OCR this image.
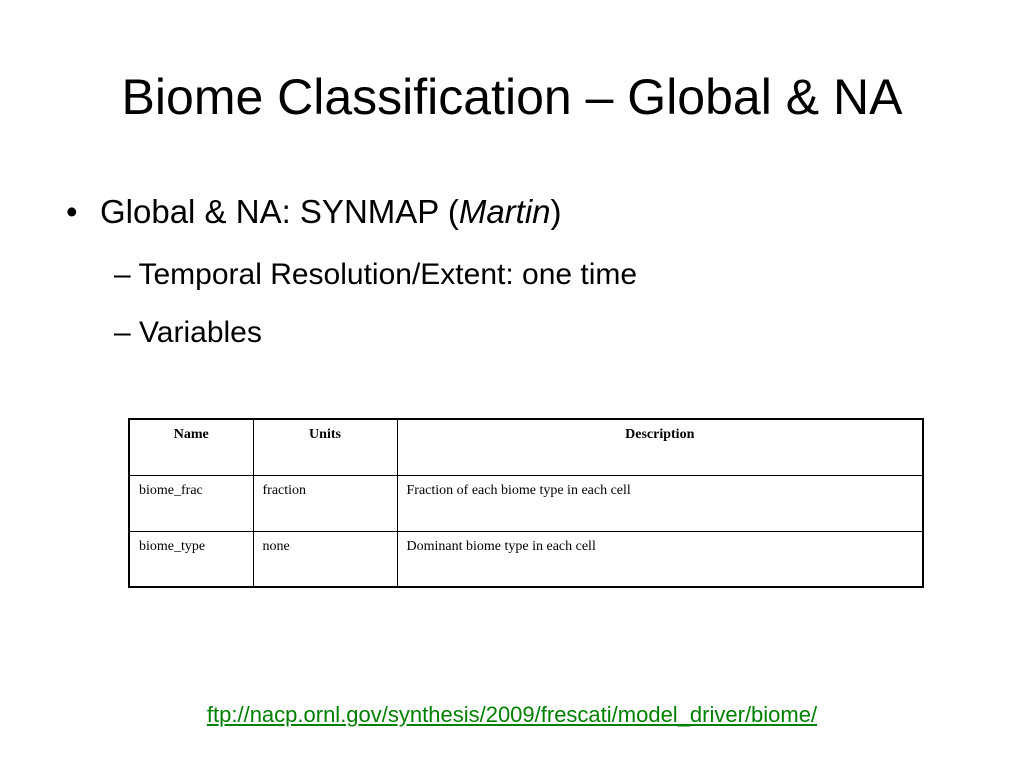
Biome Classification – Global & NA
• Global & NA: SYNMAP (Martin)
– Temporal Resolution/Extent: one time
– Variables
Name	Units	Description
biome_frac	fraction	Fraction of each biome type in each cell
biome_type	none	Dominant biome type in each cell
ftp://nacp.ornl.gov/synthesis/2009/frescati/model_driver/biome/
